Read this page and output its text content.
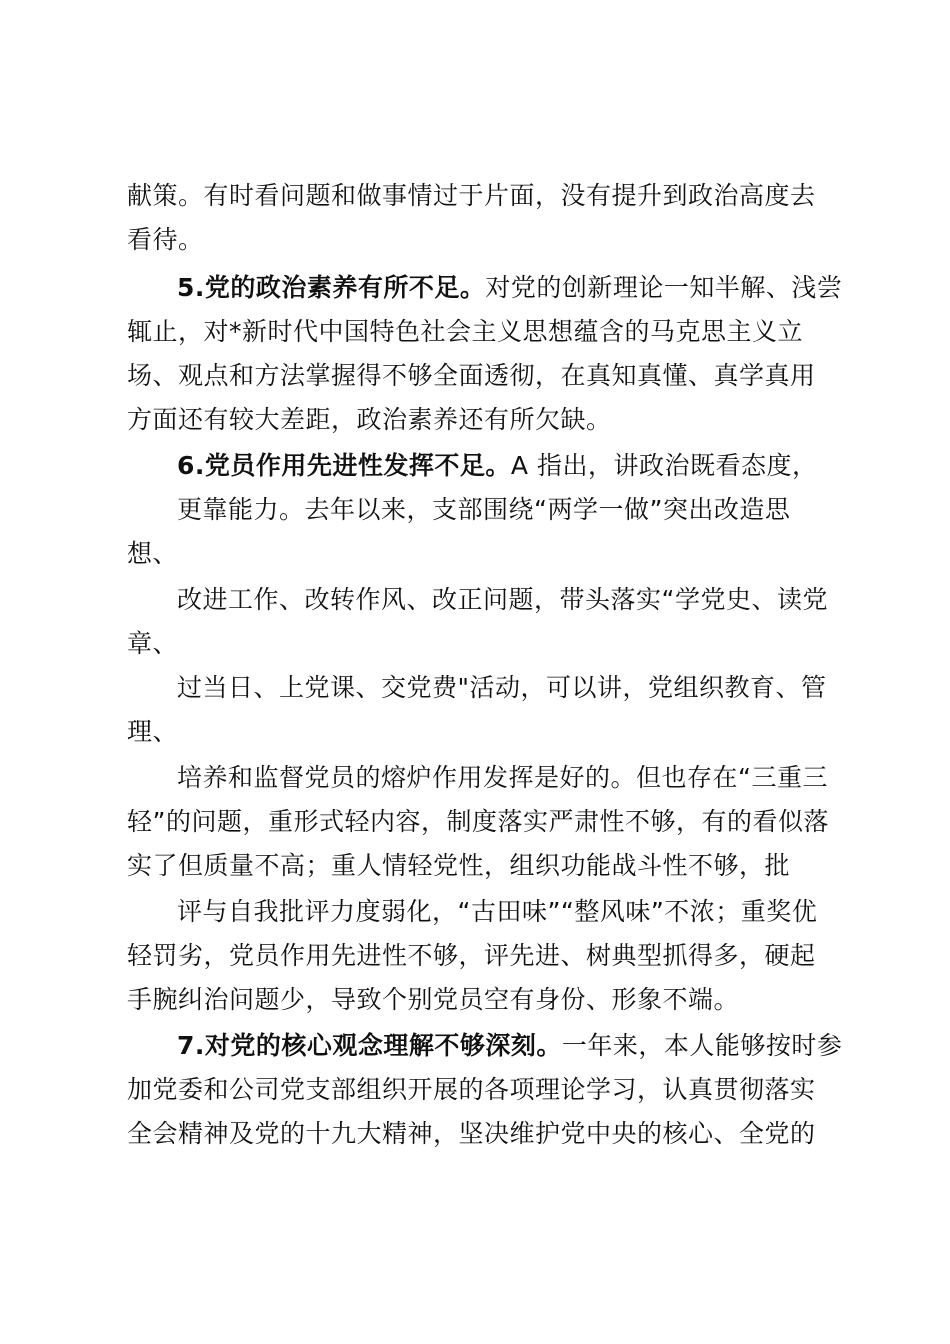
献策。有时看问题和做事情过于片面，没有提升到政治高度去
看待。
5.党的政治素养有所不足。对党的创新理论一知半解、浅尝
辄止，对*新时代中国特色社会主义思想蕴含的马克思主义立
场、观点和方法掌握得不够全面透彻，在真知真懂、真学真用
方面还有较大差距，政治素养还有所欠缺。
6.党员作用先进性发挥不足。A 指出，讲政治既看态度，
更靠能力。去年以来，支部围绕“两学一做”突出改造思
想、
改进工作、改转作风、改正问题，带头落实“学党史、读党
章、
过当日、上党课、交党费"活动，可以讲，党组织教育、管
理、
培养和监督党员的熔炉作用发挥是好的。但也存在“三重三
轻”的问题，重形式轻内容，制度落实严肃性不够，有的看似落
实了但质量不高；重人情轻党性，组织功能战斗性不够，批
评与自我批评力度弱化，“古田味”“整风味”不浓；重奖优
轻罚劣，党员作用先进性不够，评先进、树典型抓得多，硬起
手腕纠治问题少，导致个别党员空有身份、形象不端。
7.对党的核心观念理解不够深刻。一年来，本人能够按时参
加党委和公司党支部组织开展的各项理论学习，认真贯彻落实
全会精神及党的十九大精神，坚决维护党中央的核心、全党的
